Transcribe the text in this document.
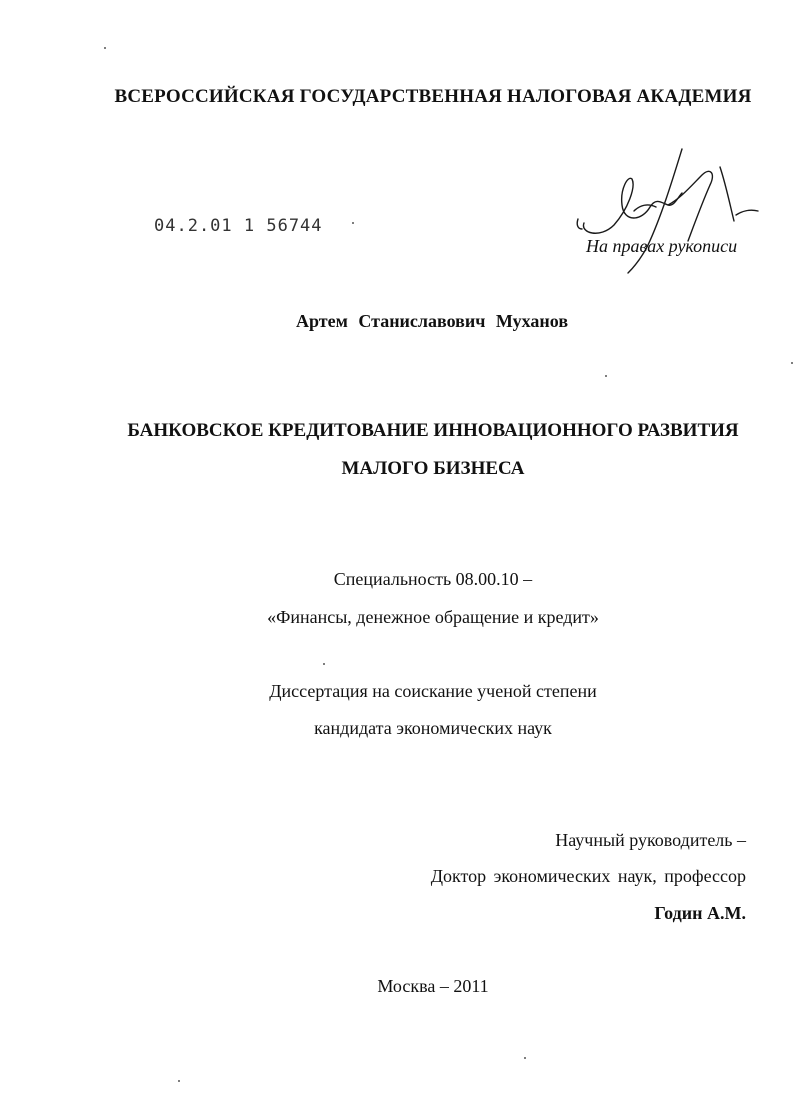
ВСЕРОССИЙСКАЯ ГОСУДАРСТВЕННАЯ НАЛОГОВАЯ АКАДЕМИЯ
04.2.01 1 56744
На правах рукописи
Артем Станиславович Муханов
БАНКОВСКОЕ КРЕДИТОВАНИЕ ИННОВАЦИОННОГО РАЗВИТИЯ
МАЛОГО БИЗНЕСА
Специальность 08.00.10 –
«Финансы, денежное обращение и кредит»
Диссертация на соискание ученой степени
кандидата экономических наук
Научный руководитель –
Доктор экономических наук, профессор
Годин А.М.
Москва – 2011
